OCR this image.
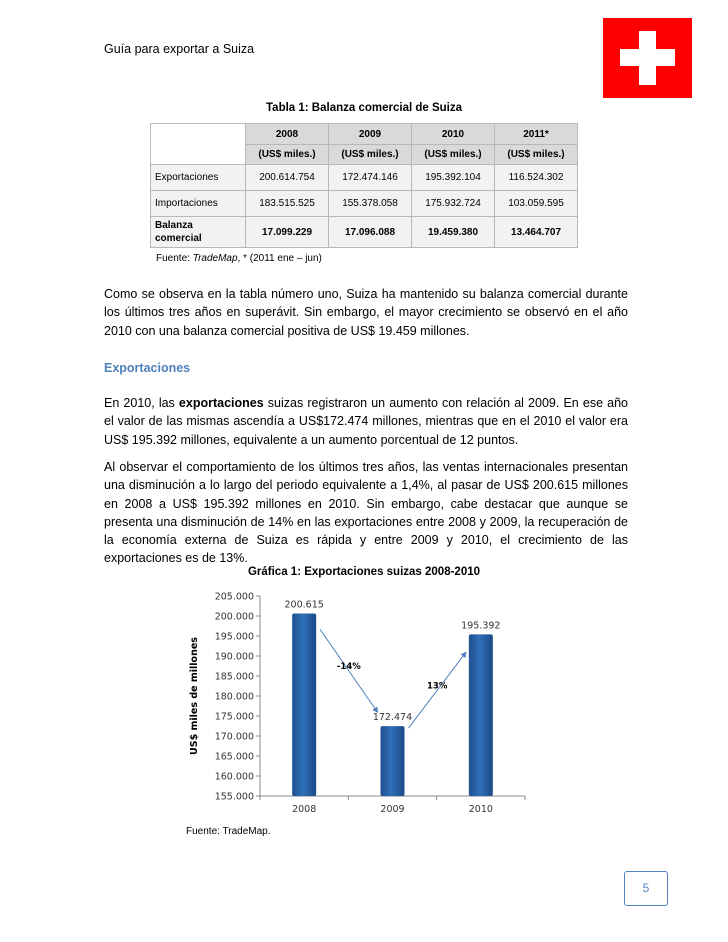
Guía para exportar a Suiza
Tabla 1: Balanza comercial de Suiza
	2008	2009	2010	2011*
	(US$ miles.)	(US$ miles.)	(US$ miles.)	(US$ miles.)
Exportaciones	200.614.754	172.474.146	195.392.104	116.524.302
Importaciones	183.515.525	155.378.058	175.932.724	103.059.595
Balanza comercial	17.099.229	17.096.088	19.459.380	13.464.707
Fuente: TradeMap, * (2011 ene – jun)
Como se observa en la tabla número uno, Suiza ha mantenido su balanza comercial durante los últimos tres años en superávit. Sin embargo, el mayor crecimiento se observó en el año 2010 con una balanza comercial positiva de US$ 19.459 millones.
Exportaciones
En 2010, las exportaciones suizas registraron un aumento con relación al 2009. En ese año el valor de las mismas ascendía a US$172.474 millones, mientras que en el 2010 el valor era US$ 195.392 millones, equivalente a un aumento porcentual de 12 puntos.
Al observar el comportamiento de los últimos tres años, las ventas internacionales presentan una disminución a lo largo del periodo equivalente a 1,4%, al pasar de US$ 200.615 millones en 2008 a US$ 195.392 millones en 2010. Sin embargo, cabe destacar que aunque se presenta una disminución de 14% en las exportaciones entre 2008 y 2009, la recuperación de la economía externa de Suiza es rápida y entre 2009 y 2010, el crecimiento de las exportaciones es de 13%.
Gráfica 1: Exportaciones suizas 2008-2010
155.000
160.000
165.000
170.000
175.000
180.000
185.000
190.000
195.000
200.000
205.000
US$ miles de millones
2008
200.615
2009
172.474
2010
195.392
-14%
13%
Fuente: TradeMap.
5
